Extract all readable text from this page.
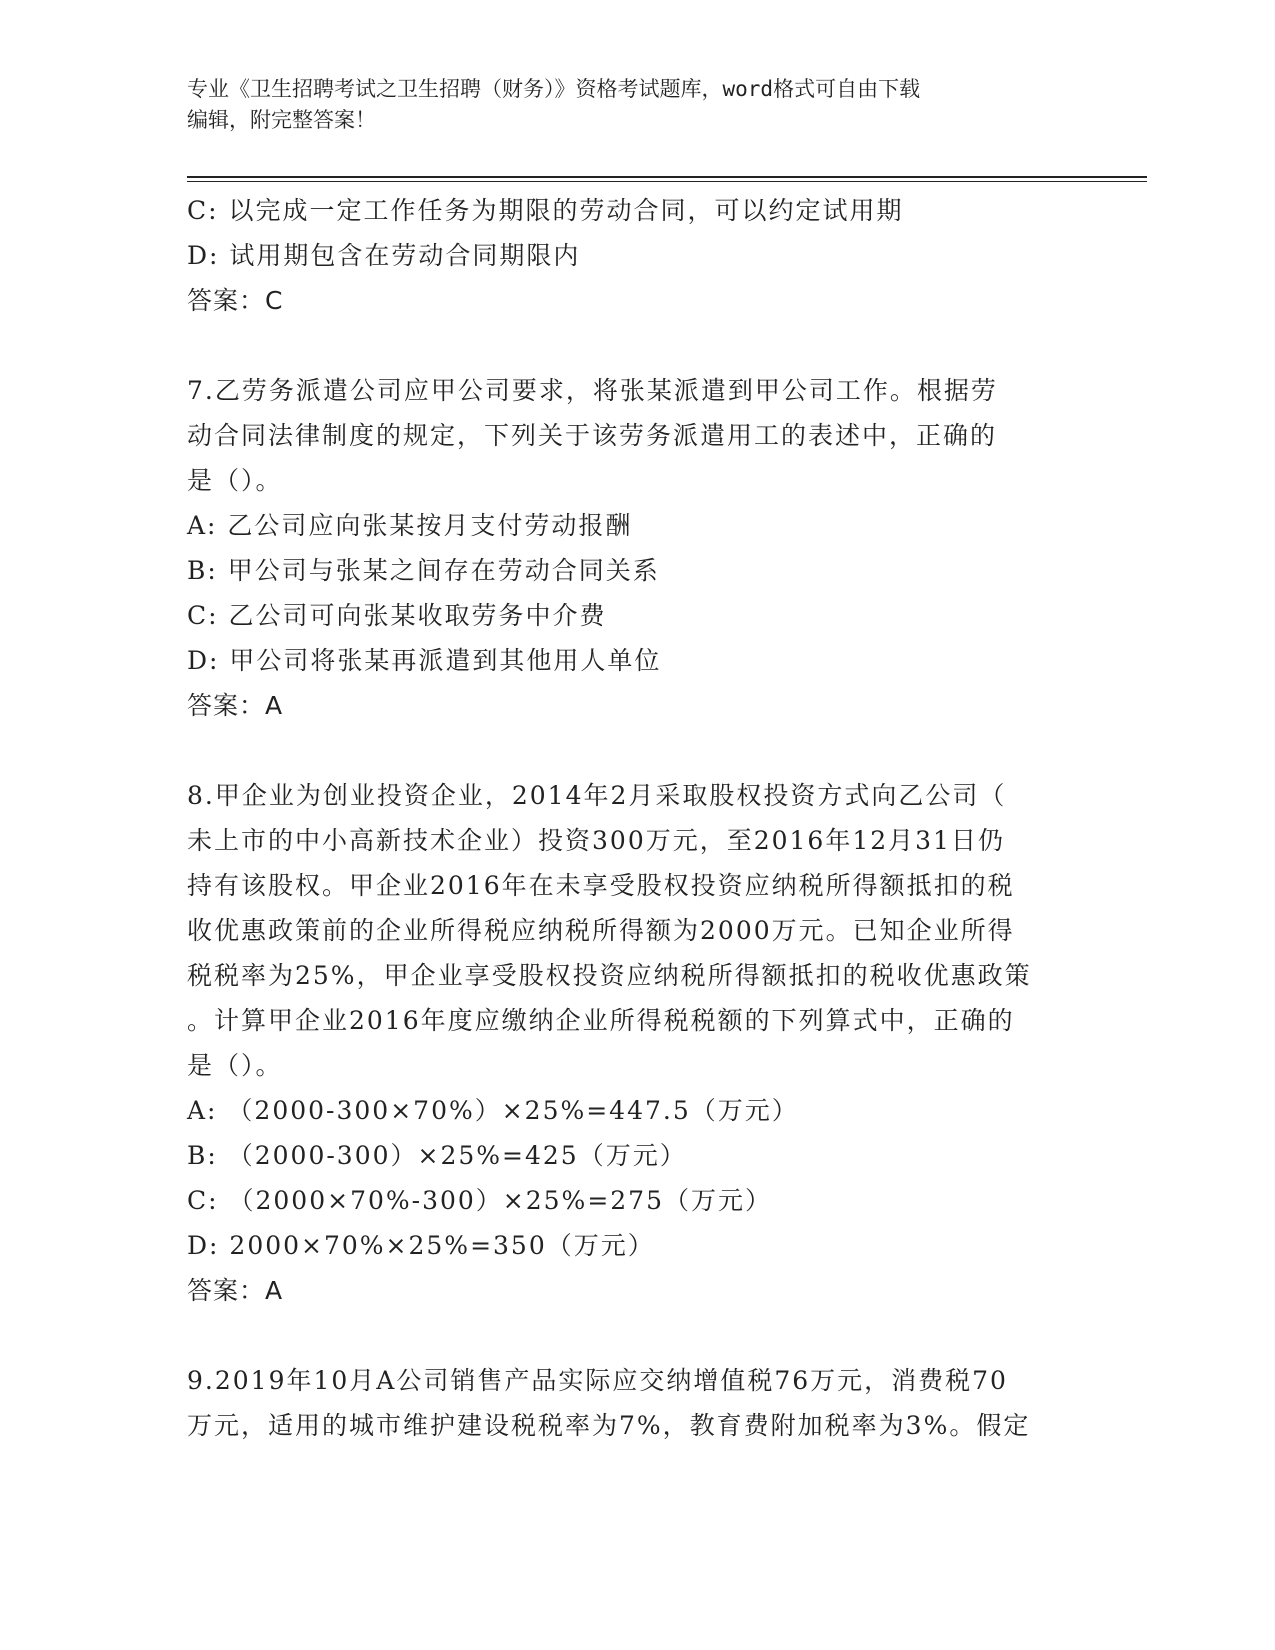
专业《卫生招聘考试之卫生招聘（财务）》资格考试题库，word格式可自由下载
编辑，附完整答案！
C: 以完成一定工作任务为期限的劳动合同，可以约定试用期
D: 试用期包含在劳动合同期限内
答案：C
7.乙劳务派遣公司应甲公司要求，将张某派遣到甲公司工作。根据劳
动合同法律制度的规定，下列关于该劳务派遣用工的表述中，正确的
是（）。
A: 乙公司应向张某按月支付劳动报酬
B: 甲公司与张某之间存在劳动合同关系
C: 乙公司可向张某收取劳务中介费
D: 甲公司将张某再派遣到其他用人单位
答案：A
8.甲企业为创业投资企业，2014年2月采取股权投资方式向乙公司（
未上市的中小高新技术企业）投资300万元，至2016年12月31日仍
持有该股权。甲企业2016年在未享受股权投资应纳税所得额抵扣的税
收优惠政策前的企业所得税应纳税所得额为2000万元。已知企业所得
税税率为25%，甲企业享受股权投资应纳税所得额抵扣的税收优惠政策
。计算甲企业2016年度应缴纳企业所得税税额的下列算式中，正确的
是（）。
A: （2000-300×70%）×25%=447.5（万元）
B: （2000-300）×25%=425（万元）
C: （2000×70%-300）×25%=275（万元）
D: 2000×70%×25%=350（万元）
答案：A
9.2019年10月A公司销售产品实际应交纳增值税76万元，消费税70
万元，适用的城市维护建设税税率为7%，教育费附加税率为3%。假定
